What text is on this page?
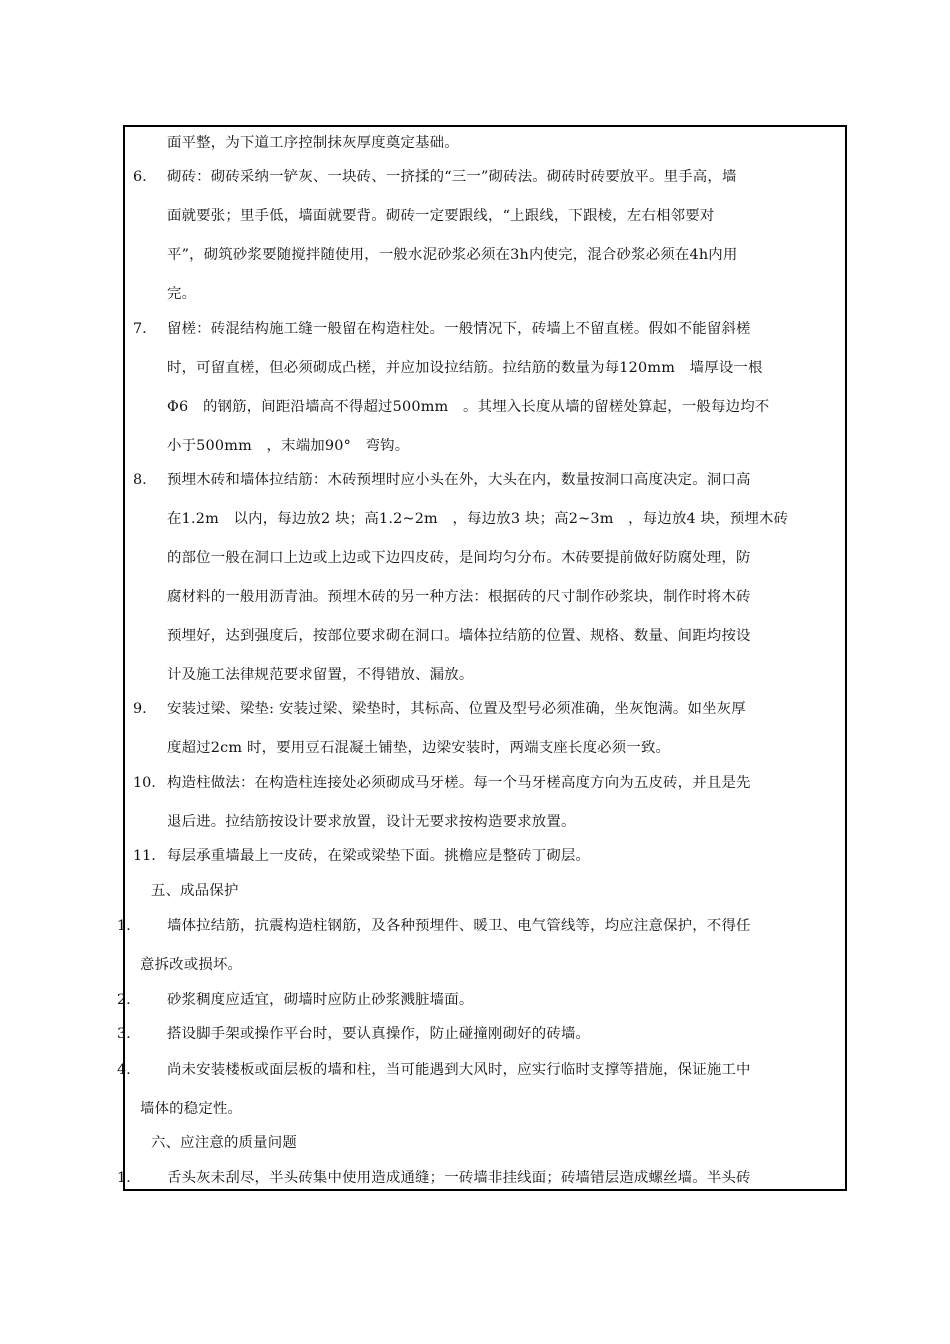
面平整，为下道工序控制抹灰厚度奠定基础。
6. 砌砖：砌砖采纳一铲灰、一块砖、一挤揉的“三一”砌砖法。砌砖时砖要放平。里手高，墙
面就要张；里手低，墙面就要背。砌砖一定要跟线，“上跟线，下跟棱，左右相邻要对
平”，砌筑砂浆要随搅拌随使用，一般水泥砂浆必须在3h内使完，混合砂浆必须在4h内用
完。
7. 留槎：砖混结构施工缝一般留在构造柱处。一般情况下，砖墙上不留直槎。假如不能留斜槎
时，可留直槎，但必须砌成凸槎，并应加设拉结筋。拉结筋的数量为每120mm　墙厚设一根
Φ6　的钢筋，间距沿墙高不得超过500mm　。其埋入长度从墙的留槎处算起，一般每边均不
小于500mm　，末端加90°　弯钩。
8. 预埋木砖和墙体拉结筋：木砖预埋时应小头在外，大头在内，数量按洞口高度决定。洞口高
在1.2m　以内，每边放2 块；高1.2~2m　，每边放3 块；高2~3m　，每边放4 块，预埋木砖
的部位一般在洞口上边或上边或下边四皮砖，是间均匀分布。木砖要提前做好防腐处理，防
腐材料的一般用沥青油。预埋木砖的另一种方法：根据砖的尺寸制作砂浆块，制作时将木砖
预埋好，达到强度后，按部位要求砌在洞口。墙体拉结筋的位置、规格、数量、间距均按设
计及施工法律规范要求留置，不得错放、漏放。
9. 安装过梁、梁垫: 安装过梁、梁垫时，其标高、位置及型号必须准确，坐灰饱满。如坐灰厚
度超过2cm 时，要用豆石混凝土铺垫，边梁安装时，两端支座长度必须一致。
10. 构造柱做法：在构造柱连接处必须砌成马牙槎。每一个马牙槎高度方向为五皮砖，并且是先
退后进。拉结筋按设计要求放置，设计无要求按构造要求放置。
11. 每层承重墙最上一皮砖，在梁或梁垫下面。挑檐应是整砖丁砌层。
五、成品保护
1.	墙体拉结筋，抗震构造柱钢筋，及各种预埋件、暖卫、电气管线等，均应注意保护，不得任
意拆改或损坏。
2.	砂浆稠度应适宜，砌墙时应防止砂浆溅脏墙面。
3.	搭设脚手架或操作平台时，要认真操作，防止碰撞刚砌好的砖墙。
4.	尚未安装楼板或面层板的墙和柱，当可能遇到大风时，应实行临时支撑等措施，保证施工中
墙体的稳定性。
六、应注意的质量问题
1.	舌头灰未刮尽，半头砖集中使用造成通缝；一砖墙非挂线面；砖墙错层造成螺丝墙。半头砖
